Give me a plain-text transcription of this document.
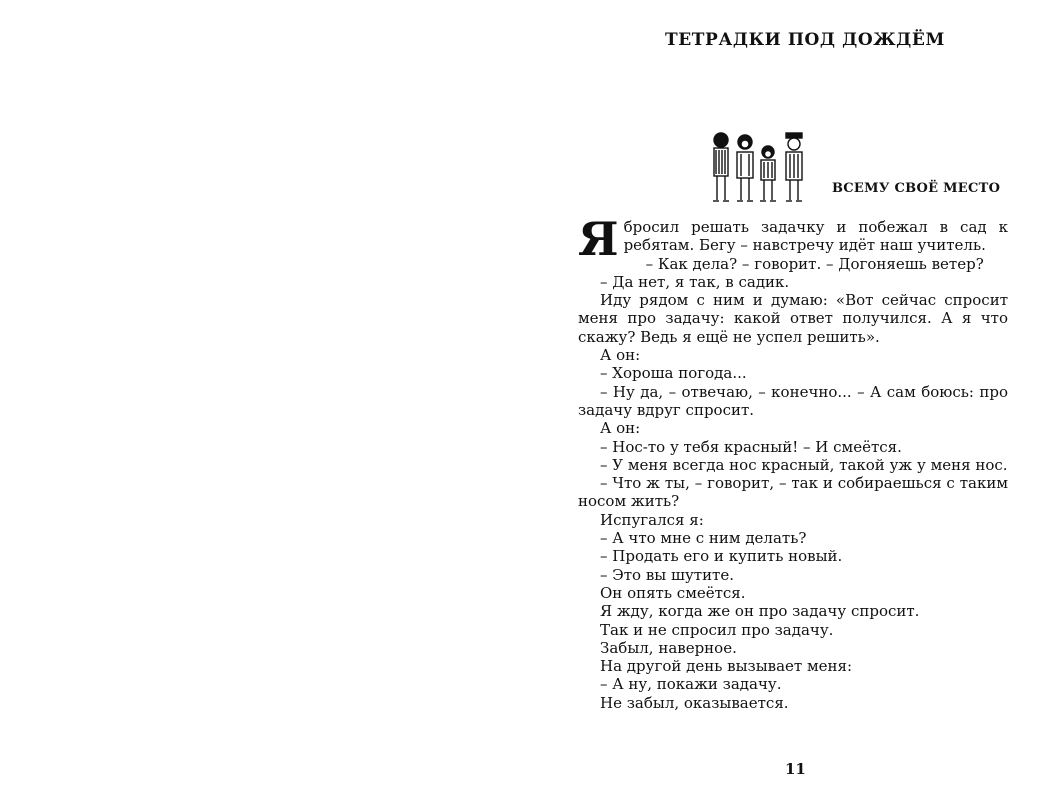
ТЕТРАДКИ ПОД ДОЖДЁМ
ВСЕМУ СВОЁ МЕСТО

Ябросил решать задачку и побежал в сад к ребятам. Бегу – навстречу идёт наш учитель.

– Как дела? – говорит. – Догоняешь ветер?

– Да нет, я так, в садик.

Иду рядом с ним и думаю: «Вот сейчас спросит меня про задачу: какой ответ получился. А я что скажу? Ведь я ещё не успел решить».

А он:

– Хороша погода...

– Ну да, – отвечаю, – конечно... – А сам боюсь: про задачу вдруг спросит.

А он:

– Нос-то у тебя красный! – И смеётся.

– У меня всегда нос красный, такой уж у меня нос.

– Что ж ты, – говорит, – так и собираешься с таким носом жить?

Испугался я:

– А что мне с ним делать?

– Продать его и купить новый.

– Это вы шутите.

Он опять смеётся.

Я жду, когда же он про задачу спросит.

Так и не спросил про задачу.

Забыл, наверное.

На другой день вызывает меня:

– А ну, покажи задачу.

Не забыл, оказывается.

11
